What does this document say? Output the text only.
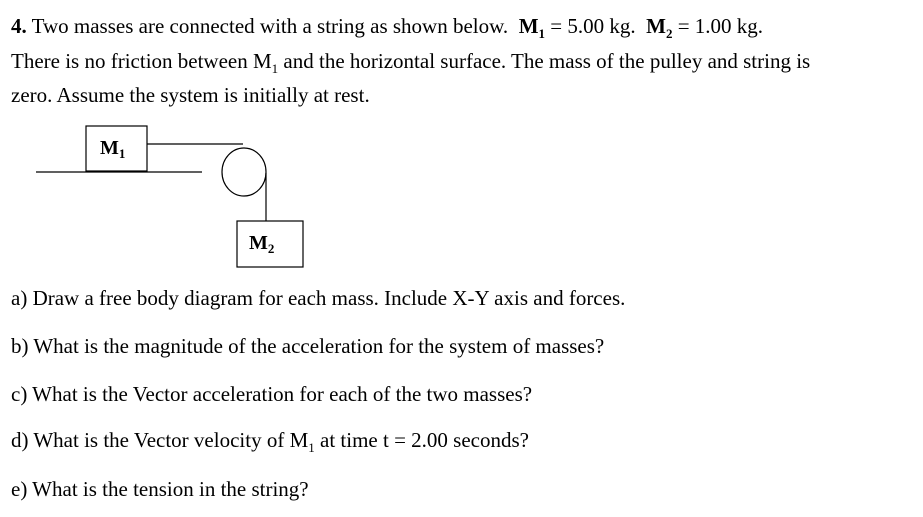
4. Two masses are connected with a string as shown below. $M_1 = 5.00$ kg. $M_2 = 1.00$ kg.
There is no friction between $M_1$ and the horizontal surface. The mass of the pulley and string is
zero. Assume the system is initially at rest.
$M_1$
$M_2$

a) Draw a free body diagram for each mass. Include X-Y axis and forces.

b) What is the magnitude of the acceleration for the system of masses?

c) What is the Vector acceleration for each of the two masses?

d) What is the Vector velocity of $M_1$ at time t = 2.00 seconds?

e) What is the tension in the string?
